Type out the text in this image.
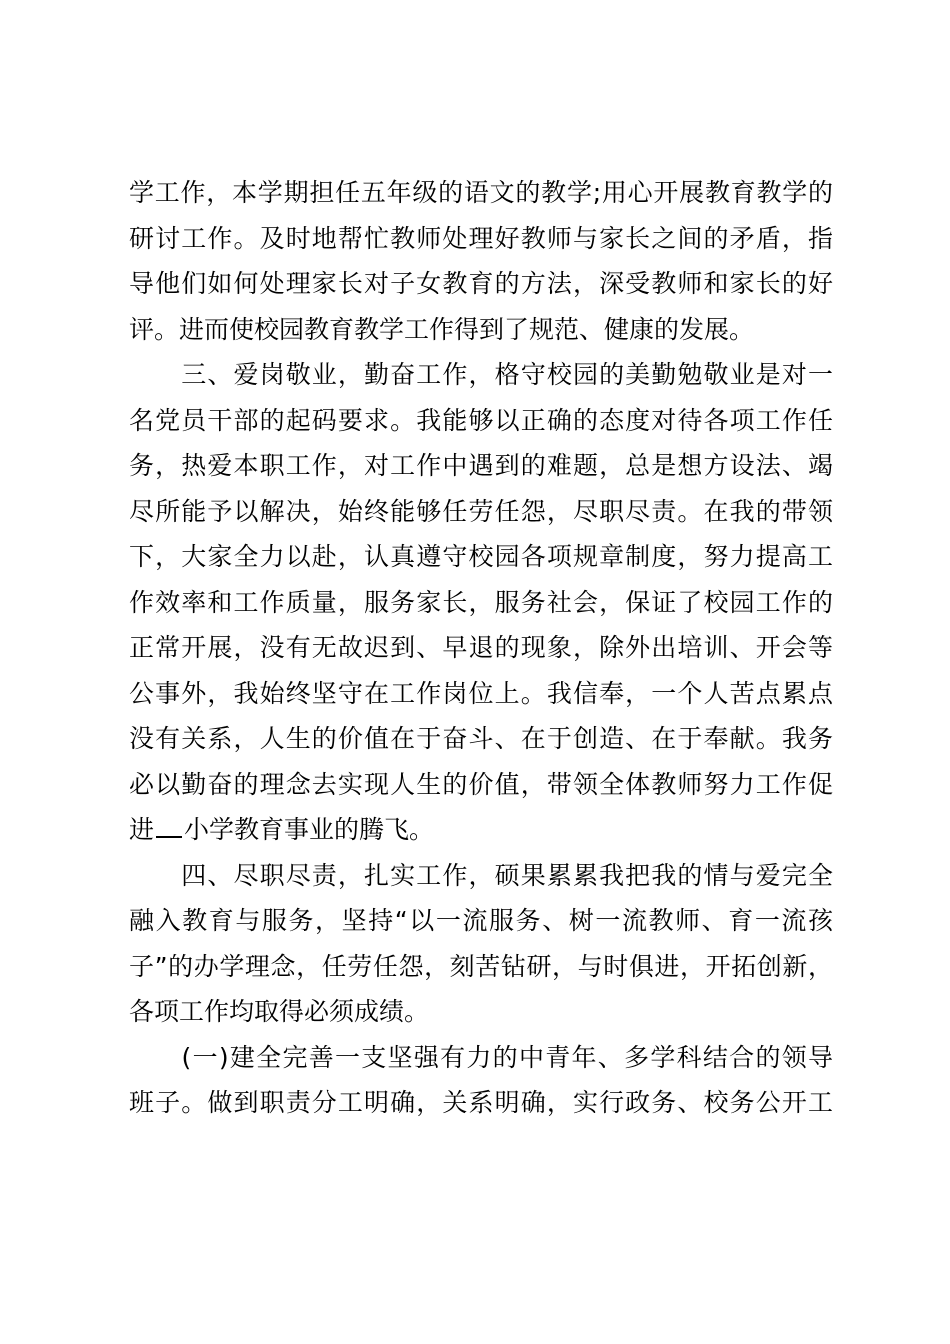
学工作，本学期担任五年级的语文的教学;用心开展教育教学的
研讨工作。及时地帮忙教师处理好教师与家长之间的矛盾，指
导他们如何处理家长对子女教育的方法，深受教师和家长的好
评。进而使校园教育教学工作得到了规范、健康的发展。
　　三、爱岗敬业，勤奋工作，格守校园的美勤勉敬业是对一
名党员干部的起码要求。我能够以正确的态度对待各项工作任
务，热爱本职工作，对工作中遇到的难题，总是想方设法、竭
尽所能予以解决，始终能够任劳任怨，尽职尽责。在我的带领
下，大家全力以赴，认真遵守校园各项规章制度，努力提高工
作效率和工作质量，服务家长，服务社会，保证了校园工作的
正常开展，没有无故迟到、早退的现象，除外出培训、开会等
公事外，我始终坚守在工作岗位上。我信奉，一个人苦点累点
没有关系，人生的价值在于奋斗、在于创造、在于奉献。我务
必以勤奋的理念去实现人生的价值，带领全体教师努力工作促
进 小学教育事业的腾飞。
　　四、尽职尽责，扎实工作，硕果累累我把我的情与爱完全
融入教育与服务，坚持“以一流服务、树一流教师、育一流孩
子”的办学理念，任劳任怨，刻苦钻研，与时俱进，开拓创新，
各项工作均取得必须成绩。
　　(一)建全完善一支坚强有力的中青年、多学科结合的领导
班子。做到职责分工明确，关系明确，实行政务、校务公开工
